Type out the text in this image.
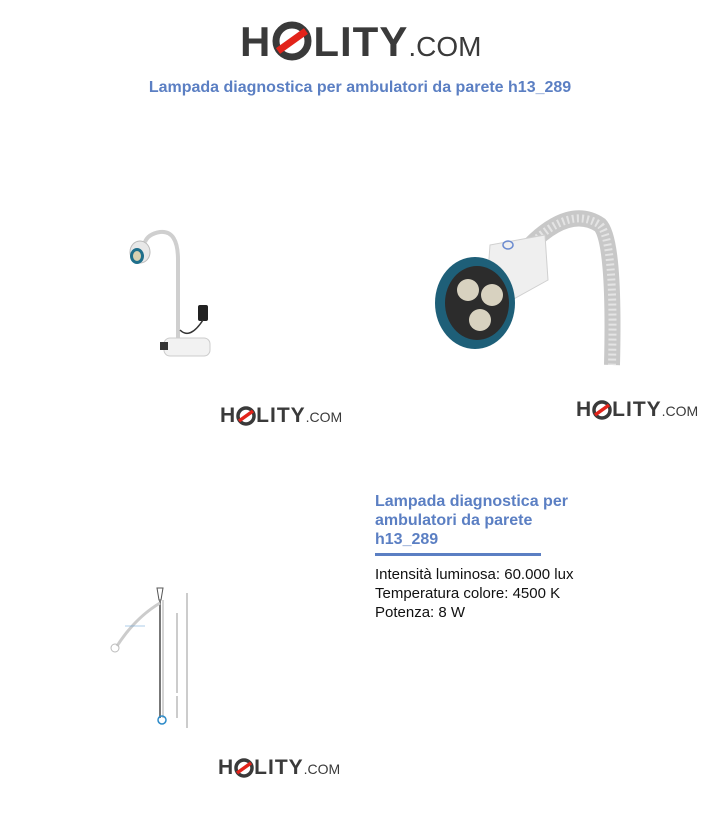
H LITY .COM
Lampada diagnostica per ambulatori da parete h13_289
H LITY .COM	H LITY .COM
Lampada diagnostica per ambulatori da parete h13_289
Intensità luminosa: 60.000 lux
Temperatura colore: 4500 K
Potenza: 8 W
H LITY .COM
